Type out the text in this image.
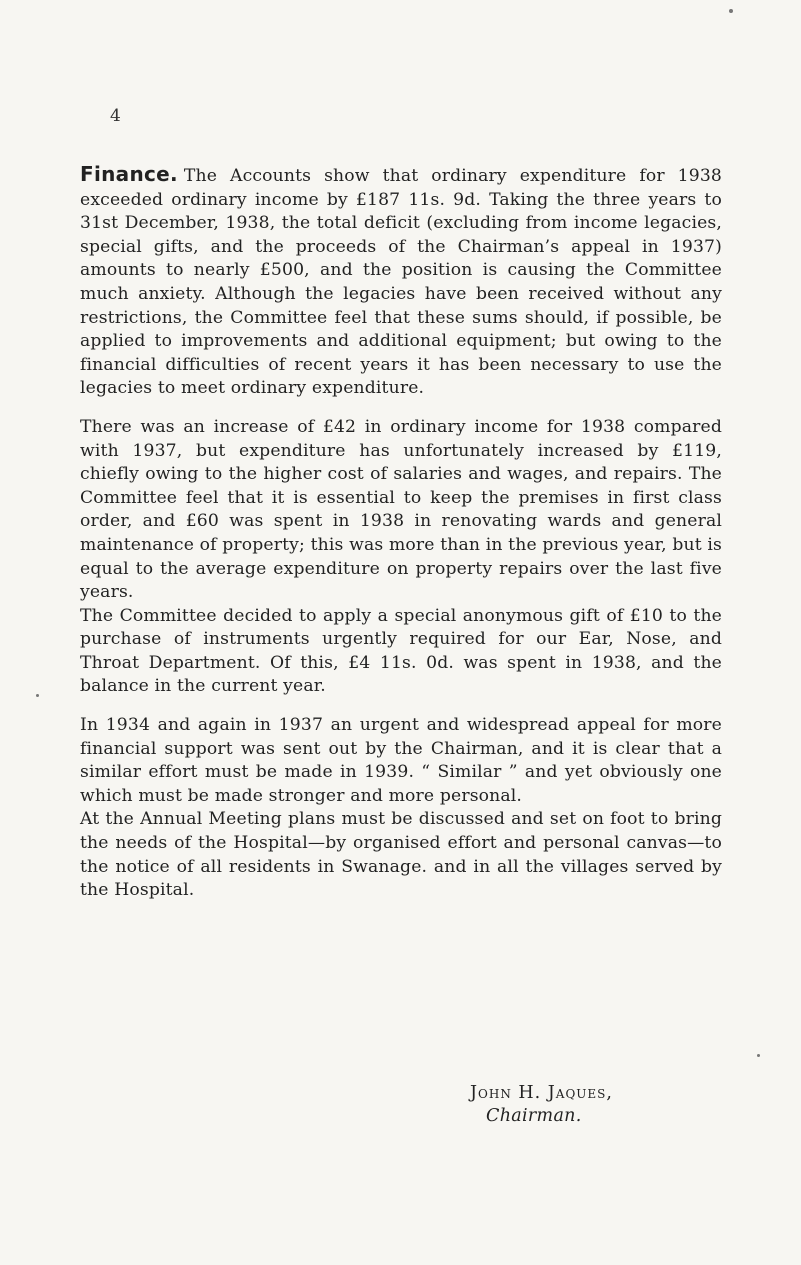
4

Finance. The Accounts show that ordinary expenditure for 1938 exceeded ordinary income by £187 11s. 9d. Taking the three years to 31st December, 1938, the total deficit (excluding from income legacies, special gifts, and the proceeds of the Chairman’s appeal in 1937) amounts to nearly £500, and the position is causing the Committee much anxiety. Although the legacies have been received without any restrictions, the Committee feel that these sums should, if possible, be applied to improvements and additional equipment; but owing to the financial difficulties of recent years it has been necessary to use the legacies to meet ordinary expenditure.

There was an increase of £42 in ordinary income for 1938 compared with 1937, but expenditure has unfortunately increased by £119, chiefly owing to the higher cost of salaries and wages, and repairs. The Committee feel that it is essential to keep the premises in first class order, and £60 was spent in 1938 in renovating wards and general maintenance of property; this was more than in the previous year, but is equal to the average expenditure on property repairs over the last five years.

The Committee decided to apply a special anonymous gift of £10 to the purchase of instruments urgently required for our Ear, Nose, and Throat Department. Of this, £4 11s. 0d. was spent in 1938, and the balance in the current year.

In 1934 and again in 1937 an urgent and widespread appeal for more financial support was sent out by the Chairman, and it is clear that a similar effort must be made in 1939. “ Similar ” and yet obviously one which must be made stronger and more personal.

At the Annual Meeting plans must be discussed and set on foot to bring the needs of the Hospital—by organised effort and personal canvas—to the notice of all residents in Swanage. and in all the villages served by the Hospital.

John H. Jaques,
Chairman.
